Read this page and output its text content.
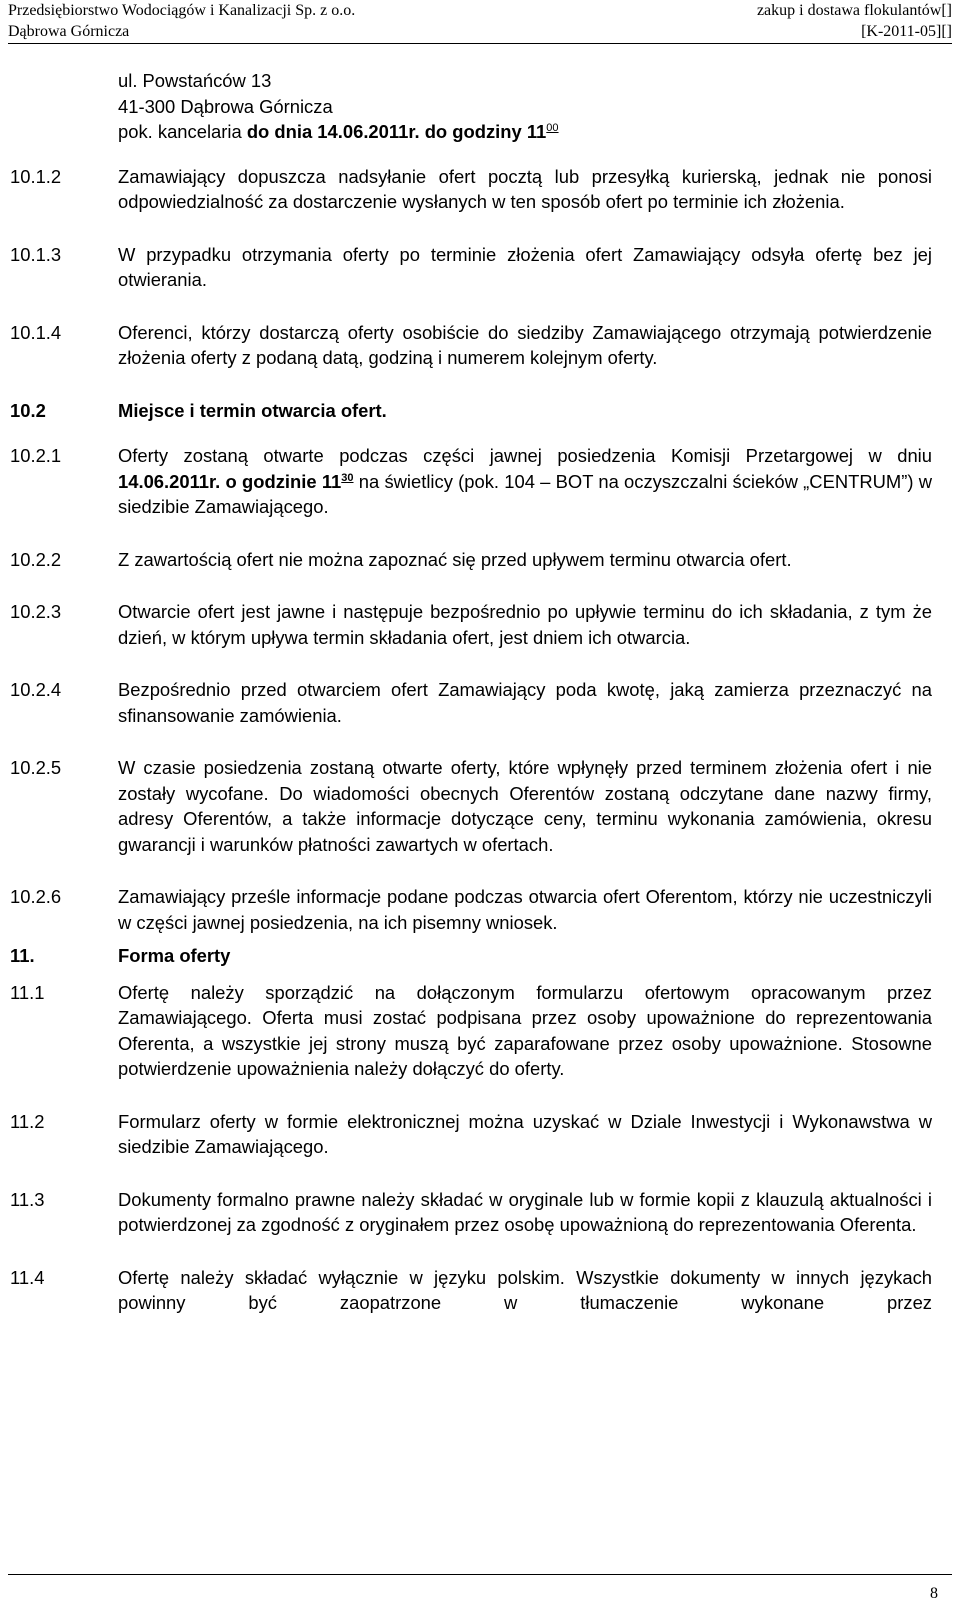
Przedsiębiorstwo Wodociągów i Kanalizacji Sp. z o.o.	zakup i dostawa flokulantów[]
Dąbrowa Górnicza	[K-2011-05][]
ul. Powstańców 13
41-300 Dąbrowa Górnicza
pok. kancelaria do dnia 14.06.2011r. do godziny $11^{00}$
10.1.2	Zamawiający dopuszcza nadsyłanie ofert pocztą lub przesyłką kurierską, jednak nie ponosi odpowiedzialność za dostarczenie wysłanych w ten sposób ofert po terminie ich złożenia.
10.1.3	W przypadku otrzymania oferty po terminie złożenia ofert Zamawiający odsyła ofertę bez jej otwierania.
10.1.4	Oferenci, którzy dostarczą oferty osobiście do siedziby Zamawiającego otrzymają potwierdzenie złożenia oferty z podaną datą, godziną i numerem kolejnym oferty.
10.2	Miejsce i termin otwarcia ofert.
10.2.1	Oferty zostaną otwarte podczas części jawnej posiedzenia Komisji Przetargowej w dniu 14.06.2011r. o godzinie $11^{30}$ na świetlicy (pok. 104 – BOT na oczyszczalni ścieków „CENTRUM”) w siedzibie Zamawiającego.
10.2.2	Z zawartością ofert nie można zapoznać się przed upływem terminu otwarcia ofert.
10.2.3	Otwarcie ofert jest jawne i następuje bezpośrednio po upływie terminu do ich składania, z tym że dzień, w którym upływa termin składania ofert, jest dniem ich otwarcia.
10.2.4	Bezpośrednio przed otwarciem ofert Zamawiający poda kwotę, jaką zamierza przeznaczyć na sfinansowanie zamówienia.
10.2.5	W czasie posiedzenia zostaną otwarte oferty, które wpłynęły przed terminem złożenia ofert i nie zostały wycofane. Do wiadomości obecnych Oferentów zostaną odczytane dane nazwy firmy, adresy Oferentów, a także informacje dotyczące ceny, terminu wykonania zamówienia, okresu gwarancji i warunków płatności zawartych w ofertach.
10.2.6	Zamawiający prześle informacje podane podczas otwarcia ofert Oferentom, którzy nie uczestniczyli w części jawnej posiedzenia, na ich pisemny wniosek.
11.	Forma oferty
11.1	Ofertę należy sporządzić na dołączonym formularzu ofertowym opracowanym przez Zamawiającego. Oferta musi zostać podpisana przez osoby upoważnione do reprezentowania Oferenta, a wszystkie jej strony muszą być zaparafowane przez osoby upoważnione. Stosowne potwierdzenie upoważnienia należy dołączyć do oferty.
11.2	Formularz oferty w formie elektronicznej można uzyskać w Dziale Inwestycji i Wykonawstwa w siedzibie Zamawiającego.
11.3	Dokumenty formalno prawne należy składać w oryginale lub w formie kopii z klauzulą aktualności i potwierdzonej za zgodność z oryginałem przez osobę upoważnioną do reprezentowania Oferenta.
11.4	Ofertę należy składać wyłącznie w języku polskim. Wszystkie dokumenty w innych językach powinny być zaopatrzone w tłumaczenie wykonane przez
8
